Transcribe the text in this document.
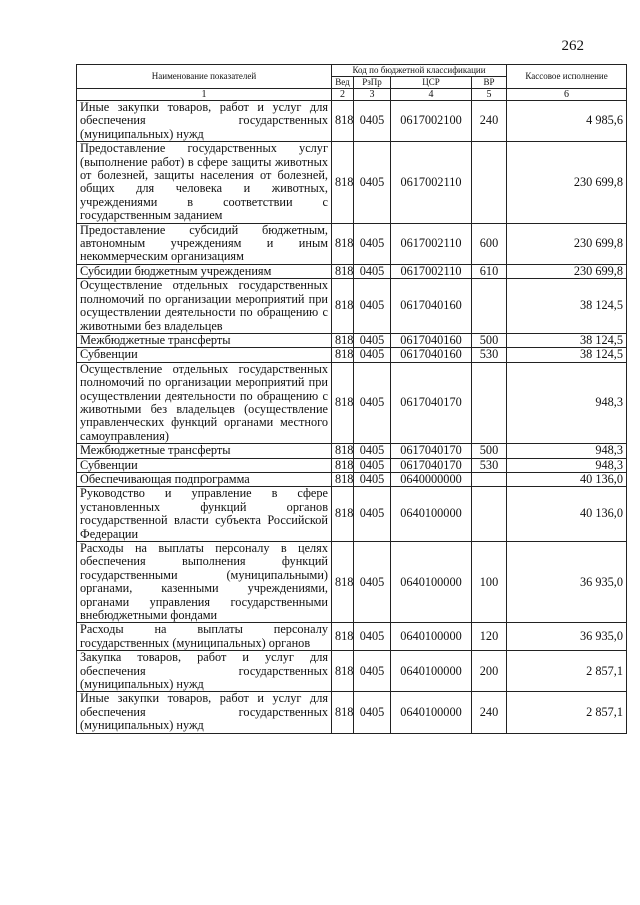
262
Наименование показателей	Код по бюджетной классификации				Кассовое исполнение
	Вед	РзПр	ЦСР	ВР	
1	2	3	4	5	6
Иные закупки товаров, работ и услуг для обеспечения государственных (муниципальных) нужд	818	0405	0617002100	240	4 985,6
Предоставление государственных услуг (выполнение работ) в сфере защиты животных от болезней, защиты населения от болезней, общих для человека и животных, учреждениями в соответствии с государственным заданием	818	0405	0617002110		230 699,8
Предоставление субсидий бюджетным, автономным учреждениям и иным некоммерческим организациям	818	0405	0617002110	600	230 699,8
Субсидии бюджетным учреждениям	818	0405	0617002110	610	230 699,8
Осуществление отдельных государственных полномочий по организации мероприятий при осуществлении деятельности по обращению с животными без владельцев	818	0405	0617040160		38 124,5
Межбюджетные трансферты	818	0405	0617040160	500	38 124,5
Субвенции	818	0405	0617040160	530	38 124,5
Осуществление отдельных государственных полномочий по организации мероприятий при осуществлении деятельности по обращению с животными без владельцев (осуществление управленческих функций органами местного самоуправления)	818	0405	0617040170		948,3
Межбюджетные трансферты	818	0405	0617040170	500	948,3
Субвенции	818	0405	0617040170	530	948,3
Обеспечивающая подпрограмма	818	0405	0640000000		40 136,0
Руководство и управление в сфере установленных функций органов государственной власти субъекта Российской Федерации	818	0405	0640100000		40 136,0
Расходы на выплаты персоналу в целях обеспечения выполнения функций государственными (муниципальными) органами, казенными учреждениями, органами управления государственными внебюджетными фондами	818	0405	0640100000	100	36 935,0
Расходы на выплаты персоналу государственных (муниципальных) органов	818	0405	0640100000	120	36 935,0
Закупка товаров, работ и услуг для обеспечения государственных (муниципальных) нужд	818	0405	0640100000	200	2 857,1
Иные закупки товаров, работ и услуг для обеспечения государственных (муниципальных) нужд	818	0405	0640100000	240	2 857,1
